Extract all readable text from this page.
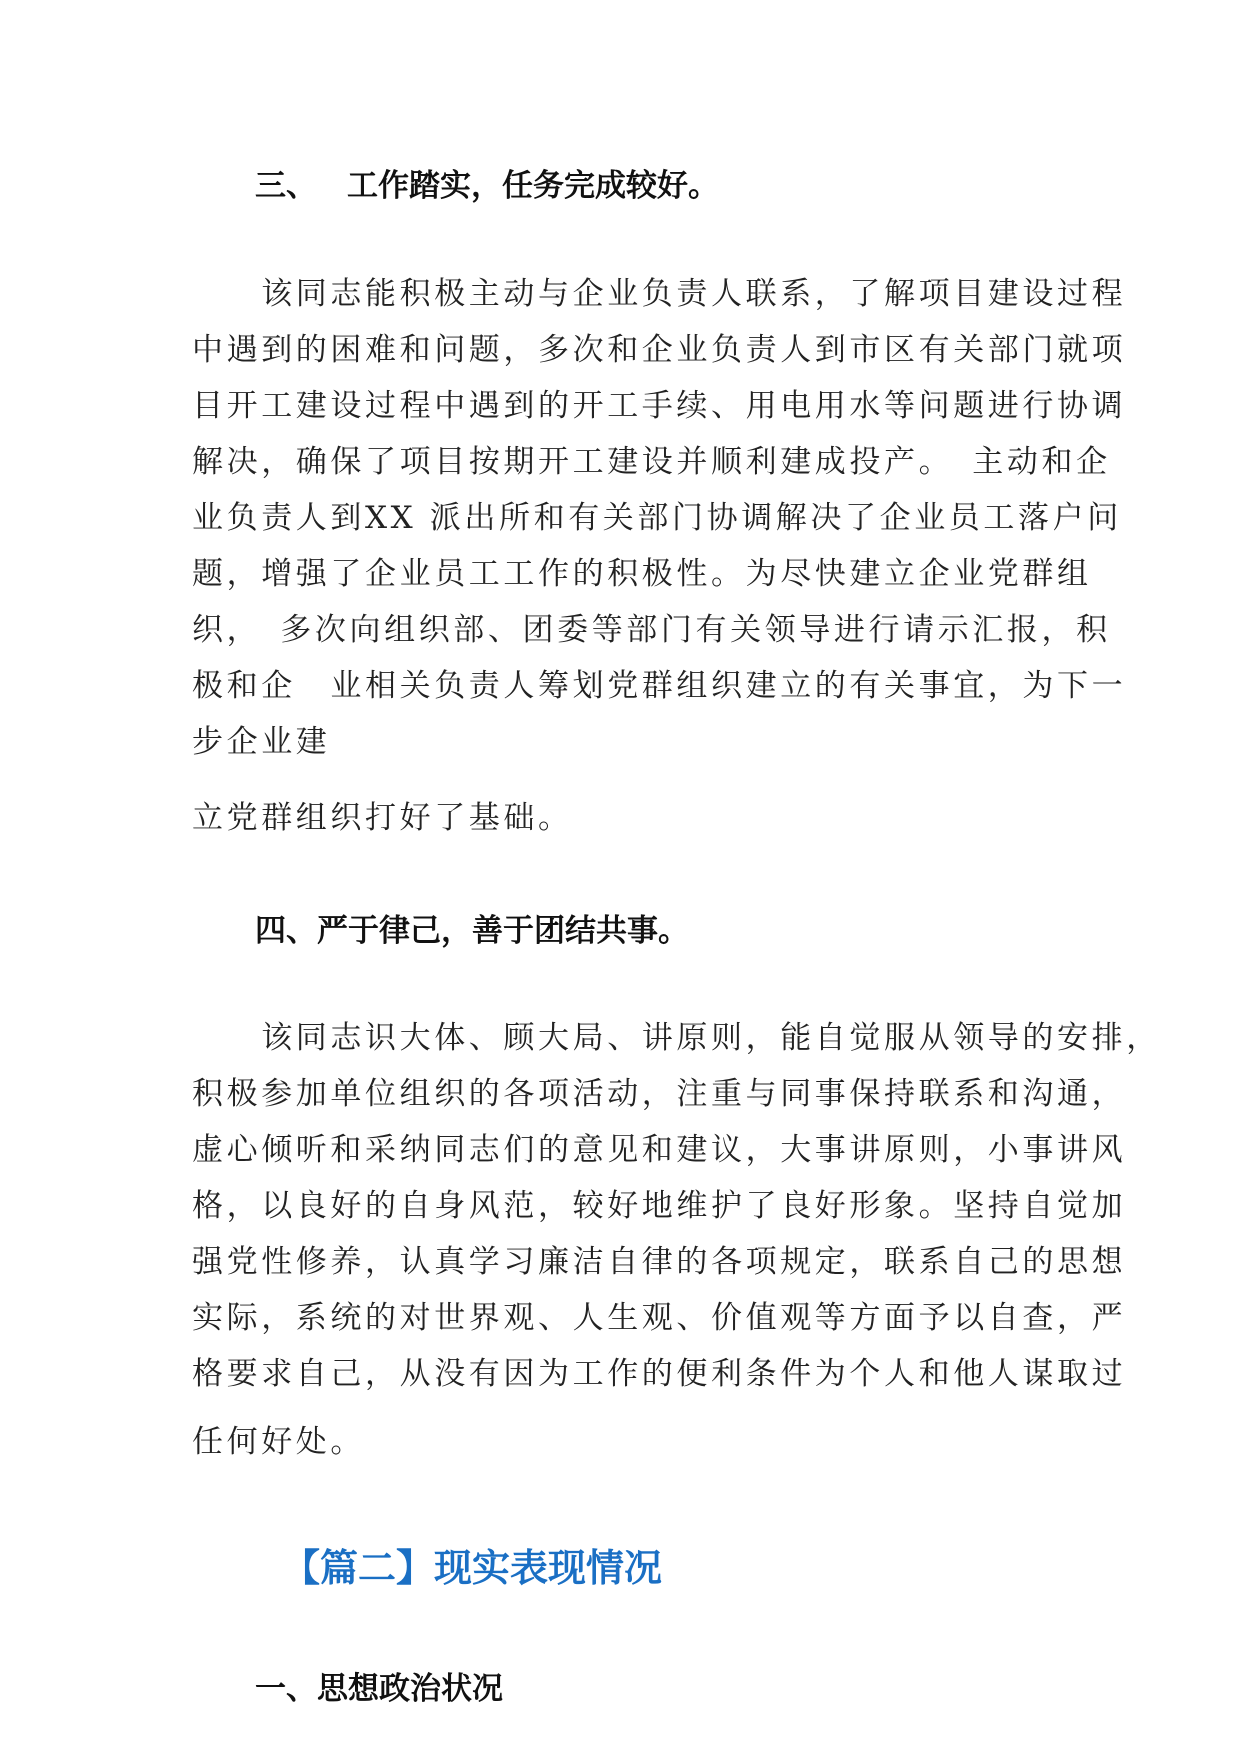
三、 工作踏实，任务完成较好。
　　该同志能积极主动与企业负责人联系，了解项目建设过程
中遇到的困难和问题，多次和企业负责人到市区有关部门就项
目开工建设过程中遇到的开工手续、用电用水等问题进行协调
解决，确保了项目按期开工建设并顺利建成投产。　主动和企
业负责人到XX 派出所和有关部门协调解决了企业员工落户问
题，增强了企业员工工作的积极性。为尽快建立企业党群组
织，　多次向组织部、团委等部门有关领导进行请示汇报，积
极和企　业相关负责人筹划党群组织建立的有关事宜，为下一
步企业建
立党群组织打好了基础。
四、严于律己，善于团结共事。
　　该同志识大体、顾大局、讲原则，能自觉服从领导的安排，
积极参加单位组织的各项活动，注重与同事保持联系和沟通，
虚心倾听和采纳同志们的意见和建议，大事讲原则，小事讲风
格，以良好的自身风范，较好地维护了良好形象。坚持自觉加
强党性修养，认真学习廉洁自律的各项规定，联系自己的思想
实际，系统的对世界观、人生观、价值观等方面予以自查，严
格要求自己，从没有因为工作的便利条件为个人和他人谋取过
任何好处。
【篇二】现实表现情况
一、思想政治状况
